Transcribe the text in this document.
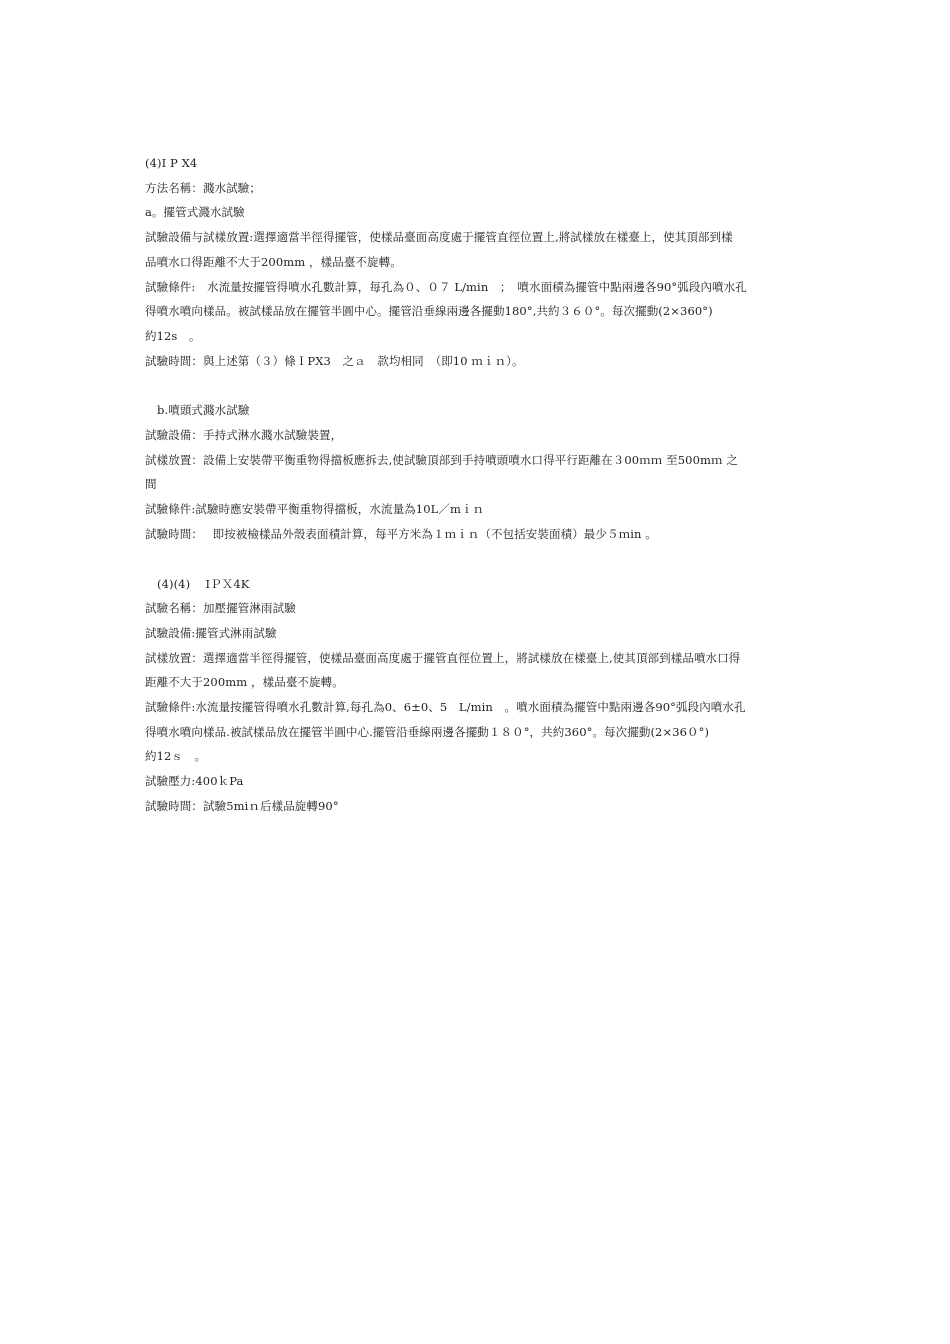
(4)I P X4
方法名稱：濺水試驗；
a。擺管式濺水試驗
試驗設備与試樣放置:選擇適當半徑得擺管，使樣品臺面高度處于擺管直徑位置上,將試樣放在樣臺上，使其頂部到樣
品噴水口得距離不大于200mm ，樣品臺不旋轉。
試驗條件:　水流量按擺管得噴水孔數計算，每孔為０、０７ L/min　；　噴水面積為擺管中點兩邊各90°弧段內噴水孔
得噴水噴向樣品。被試樣品放在擺管半圓中心。擺管沿垂線兩邊各擺動180°,共約３６０°。每次擺動(2×360°)
約12s　。
試驗時間：與上述第（３）條ＩPX3　之ａ　款均相同　（即10 ｍｉｎ）。
b.噴頭式濺水試驗
試驗設備：手持式淋水濺水試驗裝置，
試樣放置：設備上安裝帶平衡重物得擋板應拆去,使試驗頂部到手持噴頭噴水口得平行距離在３00ｍｍ 至500mｍ 之
間
試驗條件:試驗時應安裝帶平衡重物得擋板，水流量為10L／mｉｎ
試驗時間：　 即按被檢樣品外殼表面積計算，每平方米為１ｍｉｎ（不包括安裝面積）最少５ｍin 。
(4)(4)　 IＰＸ4K
試驗名稱：加壓擺管淋雨試驗
試驗設備:擺管式淋雨試驗
試樣放置：選擇適當半徑得擺管，使樣品臺面高度處于擺管直徑位置上，將試樣放在樣臺上,使其頂部到樣品噴水口得
距離不大于200mm ，樣品臺不旋轉。
試驗條件:水流量按擺管得噴水孔數計算,每孔為0、6±0、5　L/min　。噴水面積為擺管中點兩邊各90°弧段內噴水孔
得噴水噴向樣品.被試樣品放在擺管半圓中心.擺管沿垂線兩邊各擺動１８０°，共約360°。每次擺動(2×36０°)
約12ｓ　。
試驗壓力:400ｋPa
試驗時間：試驗5miｎ后樣品旋轉90°
